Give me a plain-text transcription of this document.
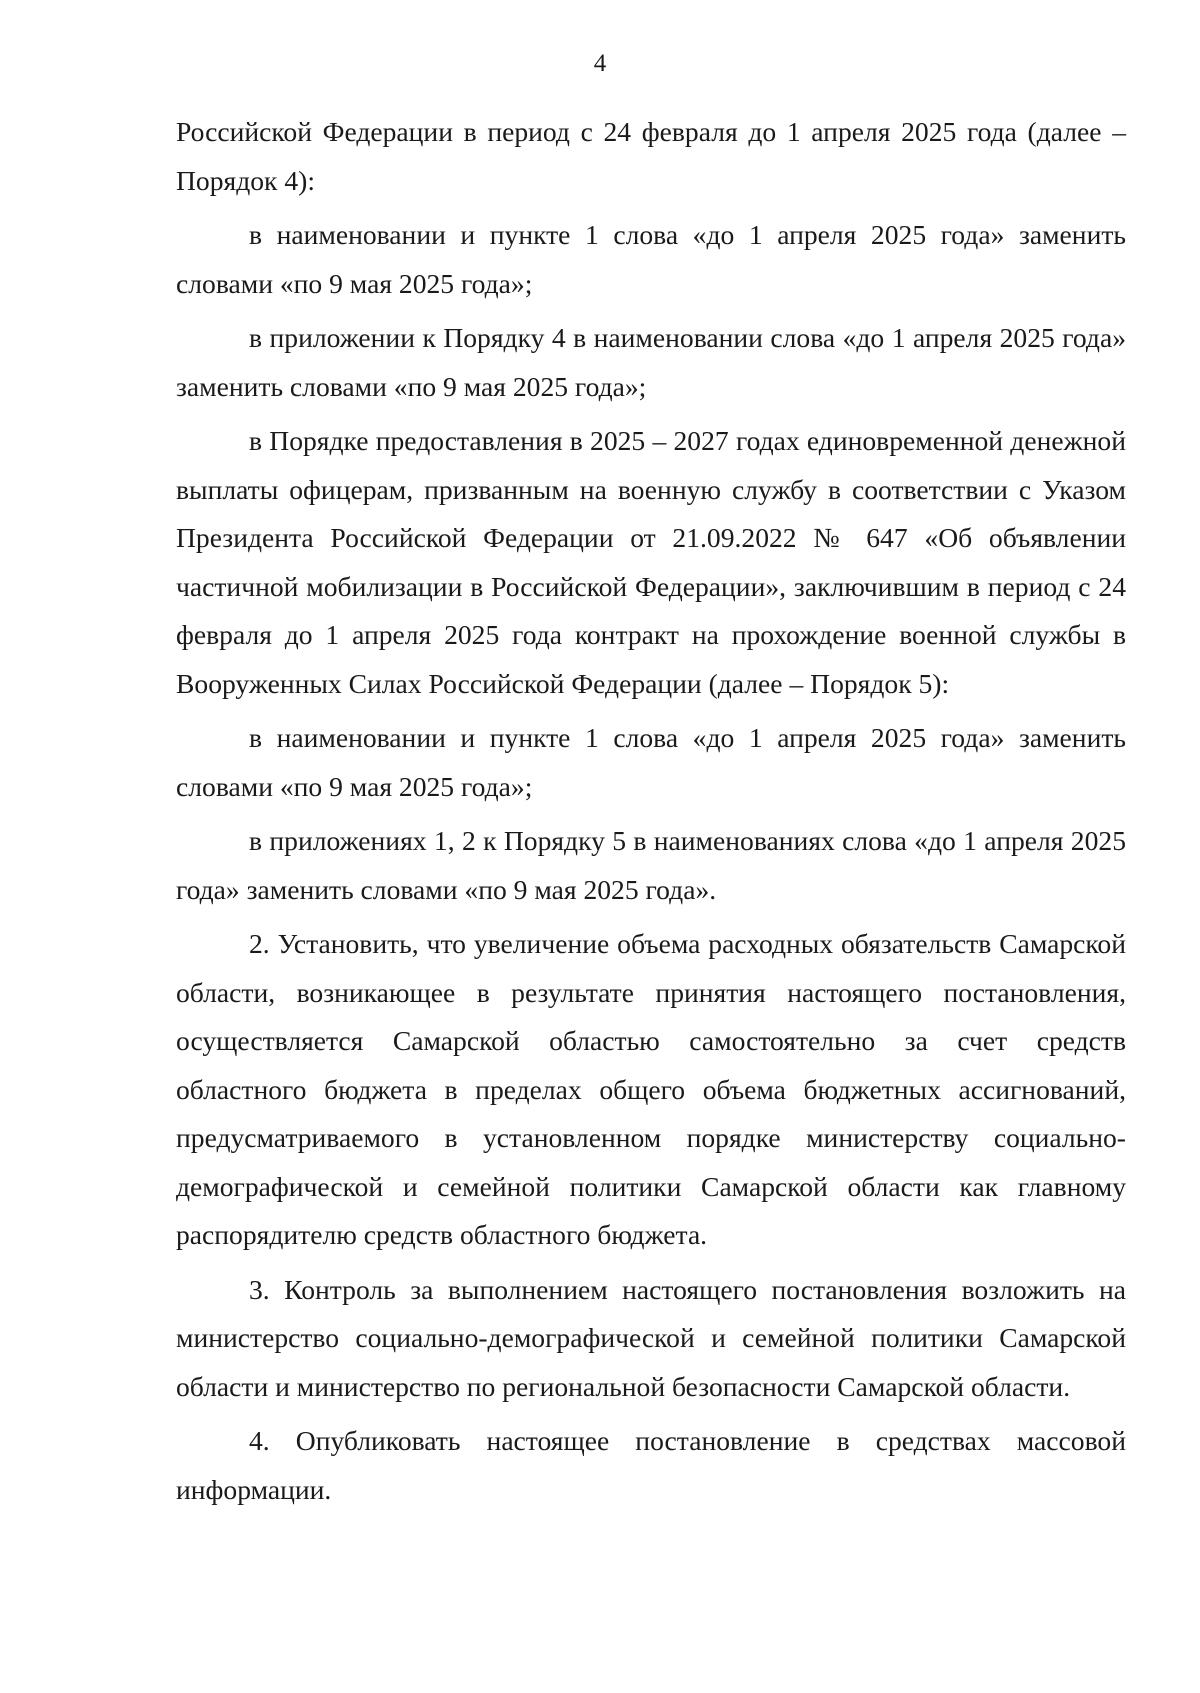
4

Российской Федерации в период с 24 февраля до 1 апреля 2025 года (далее – Порядок 4):

в наименовании и пункте 1 слова «до 1 апреля 2025 года» заменить словами «по 9 мая 2025 года»;

в приложении к Порядку 4 в наименовании слова «до 1 апреля 2025 года» заменить словами «по 9 мая 2025 года»;

в Порядке предоставления в 2025 – 2027 годах единовременной денежной выплаты офицерам, призванным на военную службу в соответствии с Указом Президента Российской Федерации от 21.09.2022 № 647 «Об объявлении частичной мобилизации в Российской Федерации», заключившим в период с 24 февраля до 1 апреля 2025 года контракт на прохождение военной службы в Вооруженных Силах Российской Федерации (далее – Порядок 5):

в наименовании и пункте 1 слова «до 1 апреля 2025 года» заменить словами «по 9 мая 2025 года»;

в приложениях 1, 2 к Порядку 5 в наименованиях слова «до 1 апреля 2025 года» заменить словами «по 9 мая 2025 года».

2. Установить, что увеличение объема расходных обязательств Самарской области, возникающее в результате принятия настоящего постановления, осуществляется Самарской областью самостоятельно за счет средств областного бюджета в пределах общего объема бюджетных ассигнований, предусматриваемого в установленном порядке министерству социально-демографической и семейной политики Самарской области как главному распорядителю средств областного бюджета.

3. Контроль за выполнением настоящего постановления возложить на министерство социально-демографической и семейной политики Самарской области и министерство по региональной безопасности Самарской области.

4. Опубликовать настоящее постановление в средствах массовой информации.
